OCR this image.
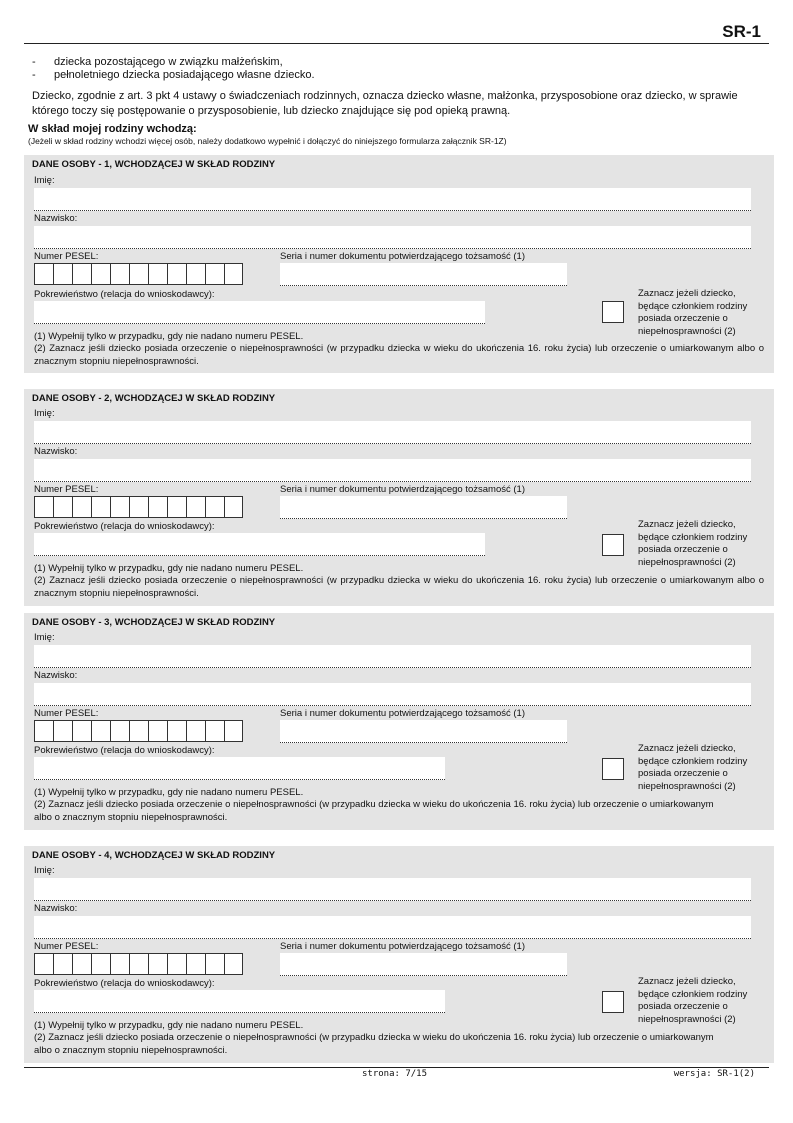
SR-1
- dziecka pozostającego w związku małżeńskim,
- pełnoletniego dziecka posiadającego własne dziecko.
Dziecko, zgodnie z art. 3 pkt 4 ustawy o świadczeniach rodzinnych, oznacza dziecko własne, małżonka, przysposobione oraz dziecko, w sprawie którego toczy się postępowanie o przysposobienie, lub dziecko znajdujące się pod opieką prawną.
W skład mojej rodziny wchodzą:
(Jeżeli w skład rodziny wchodzi więcej osób, należy dodatkowo wypełnić i dołączyć do niniejszego formularza załącznik SR-1Z)
DANE OSOBY - 1, WCHODZĄCEJ W SKŁAD RODZINY
Imię:
Nazwisko:
Numer PESEL:	Seria i numer dokumentu potwierdzającego tożsamość (1)
Pokrewieństwo (relacja do wnioskodawcy):	Zaznacz jeżeli dziecko, będące członkiem rodziny posiada orzeczenie o niepełnosprawności (2)
(1) Wypełnij tylko w przypadku, gdy nie nadano numeru PESEL.
(2) Zaznacz jeśli dziecko posiada orzeczenie o niepełnosprawności (w przypadku dziecka w wieku do ukończenia 16. roku życia) lub orzeczenie o umiarkowanym albo o znacznym stopniu niepełnosprawności.
DANE OSOBY - 2, WCHODZĄCEJ W SKŁAD RODZINY
Imię:
Nazwisko:
Numer PESEL:	Seria i numer dokumentu potwierdzającego tożsamość (1)
Pokrewieństwo (relacja do wnioskodawcy):	Zaznacz jeżeli dziecko, będące członkiem rodziny posiada orzeczenie o niepełnosprawności (2)
(1) Wypełnij tylko w przypadku, gdy nie nadano numeru PESEL.
(2) Zaznacz jeśli dziecko posiada orzeczenie o niepełnosprawności (w przypadku dziecka w wieku do ukończenia 16. roku życia) lub orzeczenie o umiarkowanym albo o znacznym stopniu niepełnosprawności.
DANE OSOBY - 3, WCHODZĄCEJ W SKŁAD RODZINY
Imię:
Nazwisko:
Numer PESEL:	Seria i numer dokumentu potwierdzającego tożsamość (1)
Pokrewieństwo (relacja do wnioskodawcy):	Zaznacz jeżeli dziecko, będące członkiem rodziny posiada orzeczenie o niepełnosprawności (2)
(1) Wypełnij tylko w przypadku, gdy nie nadano numeru PESEL.
(2) Zaznacz jeśli dziecko posiada orzeczenie o niepełnosprawności (w przypadku dziecka w wieku do ukończenia 16. roku życia) lub orzeczenie o umiarkowanym albo o znacznym stopniu niepełnosprawności.
DANE OSOBY - 4, WCHODZĄCEJ W SKŁAD RODZINY
Imię:
Nazwisko:
Numer PESEL:	Seria i numer dokumentu potwierdzającego tożsamość (1)
Pokrewieństwo (relacja do wnioskodawcy):	Zaznacz jeżeli dziecko, będące członkiem rodziny posiada orzeczenie o niepełnosprawności (2)
(1) Wypełnij tylko w przypadku, gdy nie nadano numeru PESEL.
(2) Zaznacz jeśli dziecko posiada orzeczenie o niepełnosprawności (w przypadku dziecka w wieku do ukończenia 16. roku życia) lub orzeczenie o umiarkowanym albo o znacznym stopniu niepełnosprawności.
strona: 7/15	wersja: SR-1(2)
